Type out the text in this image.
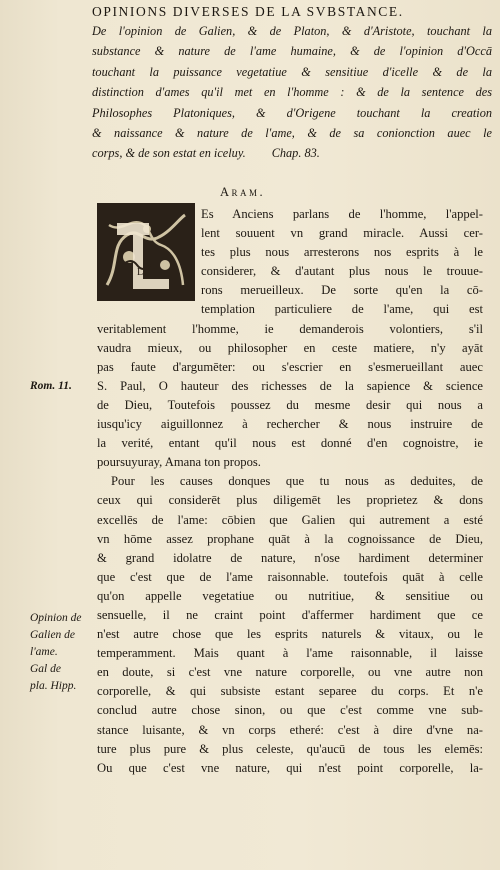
OPINIONS DIVERSES DE LA SVBSTANCE.
De l'opinion de Galien, & de Platon, & d'Aristote, touchant la
substance & nature de l'ame humaine, & de l'opinion d'Occā
touchant la puissance vegetatiue & sensitiue d'icelle & de la
distinction d'ames qu'il met en l'homme : & de la sentence des
Philosophes Platoniques, & d'Origene touchant la creation
& naissance & nature de l'ame, & de sa conionction auec le
corps, & de son estat en iceluy. Chap. 83.
Aram.
L
Es Anciens parlans de l'homme, l'appel-
lent souuent vn grand miracle. Aussi cer-
tes plus nous arresterons nos esprits à le
considerer, & d'autant plus nous le trouue-
rons merueilleux. De sorte qu'en la cō-
templation particuliere de l'ame, qui est
veritablement l'homme, ie demanderois volontiers, s'il
vaudra mieux, ou philosopher en ceste matiere, n'y ayāt
pas faute d'argumēter: ou s'escrier en s'esmerueillant auec
S. Paul, O hauteur des richesses de la sapience & science
de Dieu, Toutefois poussez du mesme desir qui nous a
iusqu'icy aiguillonnez à rechercher & nous instruire de
la verité, entant qu'il nous est donné d'en cognoistre, ie
poursuyuray, Amana ton propos.
Pour les causes donques que tu nous as deduites, de
ceux qui considerēt plus diligemēt les proprietez & dons
excellēs de l'ame: cōbien que Galien qui autrement a esté
vn hōme assez prophane quāt à la cognoissance de Dieu,
& grand idolatre de nature, n'ose hardiment determiner
que c'est que de l'ame raisonnable. toutefois quāt à celle
qu'on appelle vegetatiue ou nutritiue, & sensitiue ou
sensuelle, il ne craint point d'affermer hardiment que ce
n'est autre chose que les esprits naturels & vitaux, ou le
temperamment. Mais quant à l'ame raisonnable, il laisse
en doute, si c'est vne nature corporelle, ou vne autre non
corporelle, & qui subsiste estant separee du corps. Et n'e
conclud autre chose sinon, ou que c'est comme vne sub-
stance luisante, & vn corps etheré: c'est à dire d'vne na-
ture plus pure & plus celeste, qu'aucū de tous les elemēs:
Ou que c'est vne nature, qui n'est point corporelle, la-
Rom. 11.
Opinion de
Galien de
l'ame.
Gal de
pla. Hipp.
